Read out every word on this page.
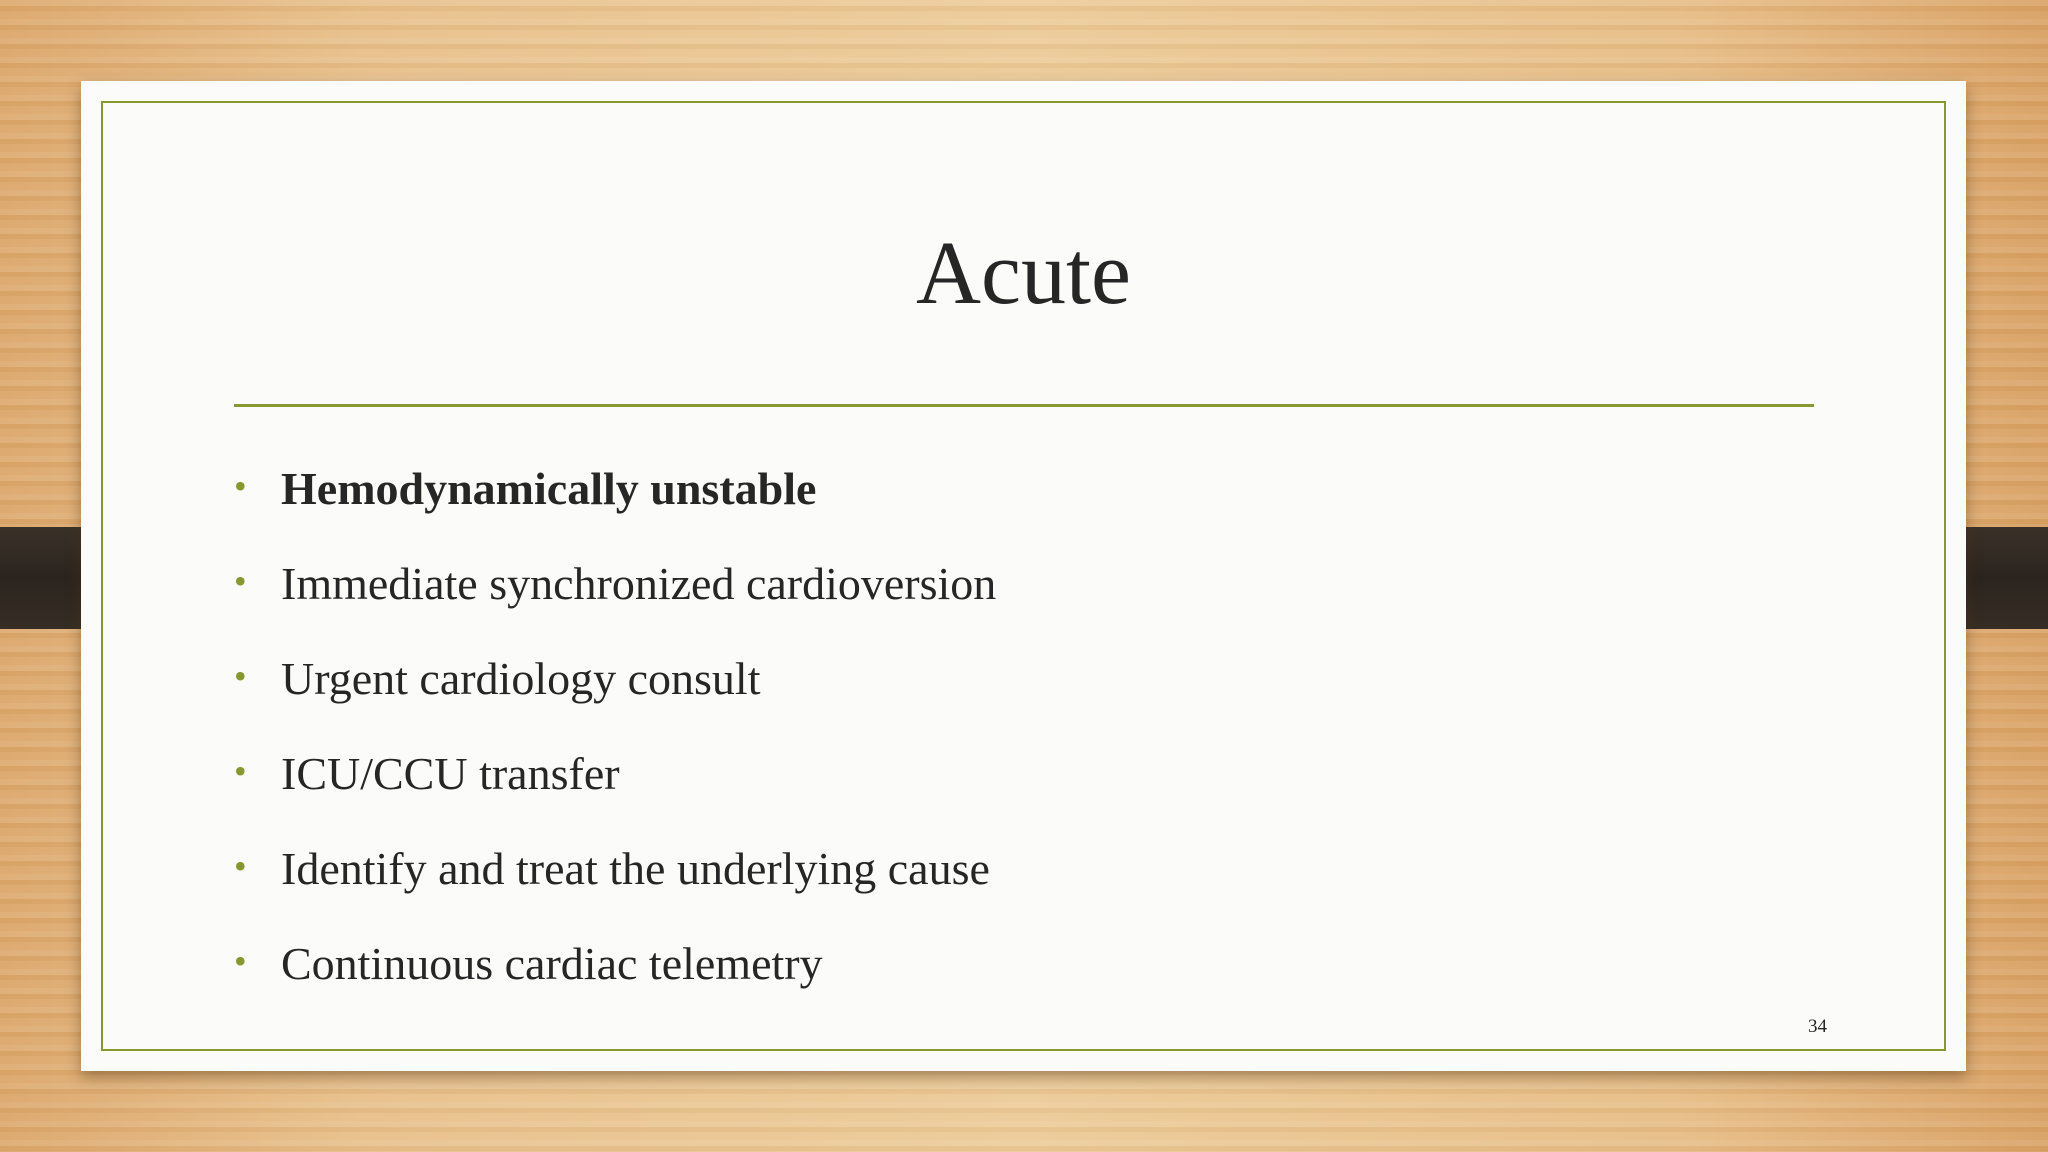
Acute
• Hemodynamically unstable
• Immediate synchronized cardioversion
• Urgent cardiology consult
• ICU/CCU transfer
• Identify and treat the underlying cause
• Continuous cardiac telemetry
34
